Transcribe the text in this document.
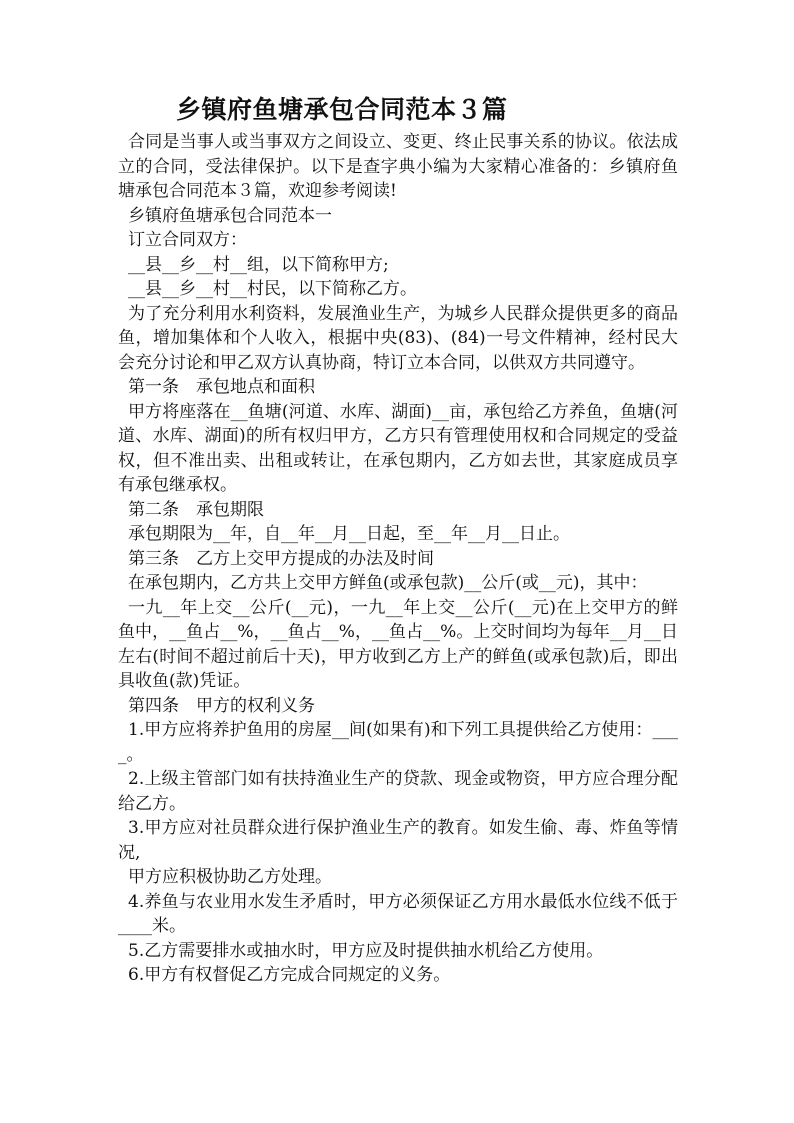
乡镇府鱼塘承包合同范本３篇

合同是当事人或当事双方之间设立、变更、终止民事关系的协议。依法成立的合同，受法律保护。以下是查字典小编为大家精心准备的：乡镇府鱼塘承包合同范本３篇，欢迎参考阅读!

乡镇府鱼塘承包合同范本一

订立合同双方：

__县__乡__村__组，以下简称甲方;

__县__乡__村__村民，以下简称乙方。

为了充分利用水利资料，发展渔业生产，为城乡人民群众提供更多的商品鱼，增加集体和个人收入，根据中央(83)、(84)一号文件精神，经村民大会充分讨论和甲乙双方认真协商，特订立本合同，以供双方共同遵守。

第一条　承包地点和面积

甲方将座落在__鱼塘(河道、水库、湖面)__亩，承包给乙方养鱼，鱼塘(河道、水库、湖面)的所有权归甲方，乙方只有管理使用权和合同规定的受益权，但不准出卖、出租或转让，在承包期内，乙方如去世，其家庭成员享有承包继承权。

第二条　承包期限

承包期限为__年，自__年__月__日起，至__年__月__日止。

第三条　乙方上交甲方提成的办法及时间

在承包期内，乙方共上交甲方鲜鱼(或承包款)__公斤(或__元)，其中：

一九__年上交__公斤(__元)，一九__年上交__公斤(__元)在上交甲方的鲜鱼中，__鱼占__%，__鱼占__%，__鱼占__%。上交时间均为每年__月__日左右(时间不超过前后十天)，甲方收到乙方上产的鲜鱼(或承包款)后，即出具收鱼(款)凭证。

第四条　甲方的权利义务

1.甲方应将养护鱼用的房屋__间(如果有)和下列工具提供给乙方使用：____。

2.上级主管部门如有扶持渔业生产的贷款、现金或物资，甲方应合理分配给乙方。

3.甲方应对社员群众进行保护渔业生产的教育。如发生偷、毒、炸鱼等情况,

甲方应积极协助乙方处理。

4.养鱼与农业用水发生矛盾时，甲方必须保证乙方用水最低水位线不低于____米。

5.乙方需要排水或抽水时，甲方应及时提供抽水机给乙方使用。

6.甲方有权督促乙方完成合同规定的义务。
